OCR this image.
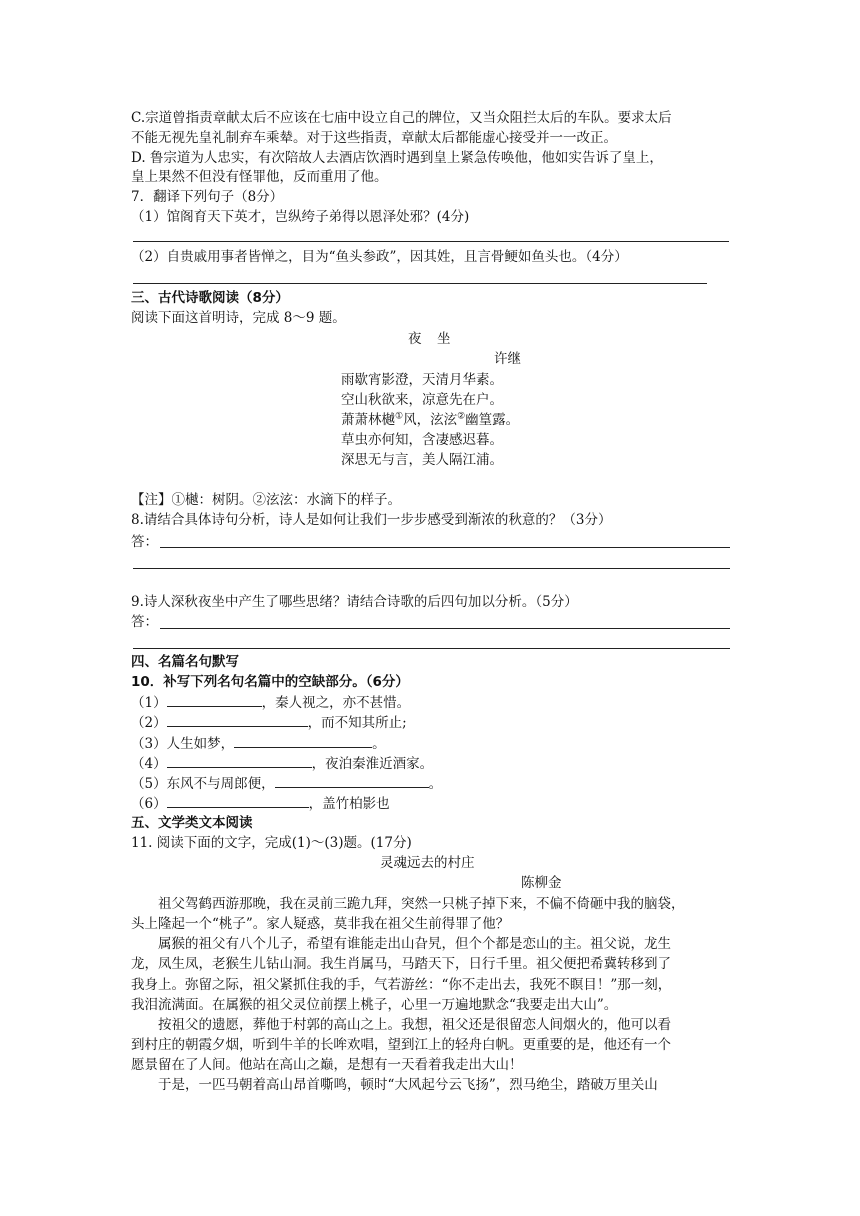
C.宗道曾指责章献太后不应该在七庙中设立自己的牌位，又当众阻拦太后的车队。要求太后
不能无视先皇礼制弃车乘辇。对于这些指责，章献太后都能虚心接受并一一改正。
D. 鲁宗道为人忠实，有次陪故人去酒店饮酒时遇到皇上紧急传唤他，他如实告诉了皇上，
皇上果然不但没有怪罪他，反而重用了他。
7．翻译下列句子（8分）
（1）馆阁育天下英才，岂纵绔子弟得以恩泽处邪？(4分)
（2）自贵戚用事者皆惮之，目为“鱼头参政”，因其姓，且言骨鲠如鱼头也。（4分）
三、古代诗歌阅读（8分）
阅读下面这首明诗，完成 8～9 题。
夜　坐
许继
雨歇宵影澄，天清月华素。
空山秋欲来，凉意先在户。
萧萧林樾①风，泫泫②幽篁露。
草虫亦何知，含凄感迟暮。
深思无与言，美人隔江浦。
【注】①樾：树阴。②泫泫：水滴下的样子。
8.请结合具体诗句分析，诗人是如何让我们一步步感受到渐浓的秋意的？（3分）
答：
9.诗人深秋夜坐中产生了哪些思绪？请结合诗歌的后四句加以分析。（5分）
答：
四、名篇名句默写
10．补写下列名句名篇中的空缺部分。（6分）
（1）	，秦人视之，亦不甚惜。
（2）	，而不知其所止;
（3）人生如梦，	。
（4）	，夜泊秦淮近酒家。
（5）东风不与周郎便，	。
（6）	，盖竹柏影也
五、文学类文本阅读
11. 阅读下面的文字，完成(1)～(3)题。(17分)
灵魂远去的村庄
陈柳金
　　祖父驾鹤西游那晚，我在灵前三跪九拜，突然一只桃子掉下来，不偏不倚砸中我的脑袋，
头上隆起一个“桃子”。家人疑惑，莫非我在祖父生前得罪了他？
　　属猴的祖父有八个儿子，希望有谁能走出山旮旯，但个个都是恋山的主。祖父说，龙生
龙，凤生凤，老猴生儿钻山洞。我生肖属马，马踏天下，日行千里。祖父便把希冀转移到了
我身上。弥留之际，祖父紧抓住我的手，气若游丝：“你不走出去，我死不瞑目！”那一刻，
我泪流满面。在属猴的祖父灵位前摆上桃子，心里一万遍地默念“我要走出大山”。
　　按祖父的遗愿，葬他于村郭的高山之上。我想，祖父还是很留恋人间烟火的，他可以看
到村庄的朝霞夕烟，听到牛羊的长哞欢唱，望到江上的轻舟白帆。更重要的是，他还有一个
愿景留在了人间。他站在高山之巅，是想有一天看着我走出大山！
　　于是，一匹马朝着高山昂首嘶鸣，顿时“大风起兮云飞扬”，烈马绝尘，踏破万里关山
